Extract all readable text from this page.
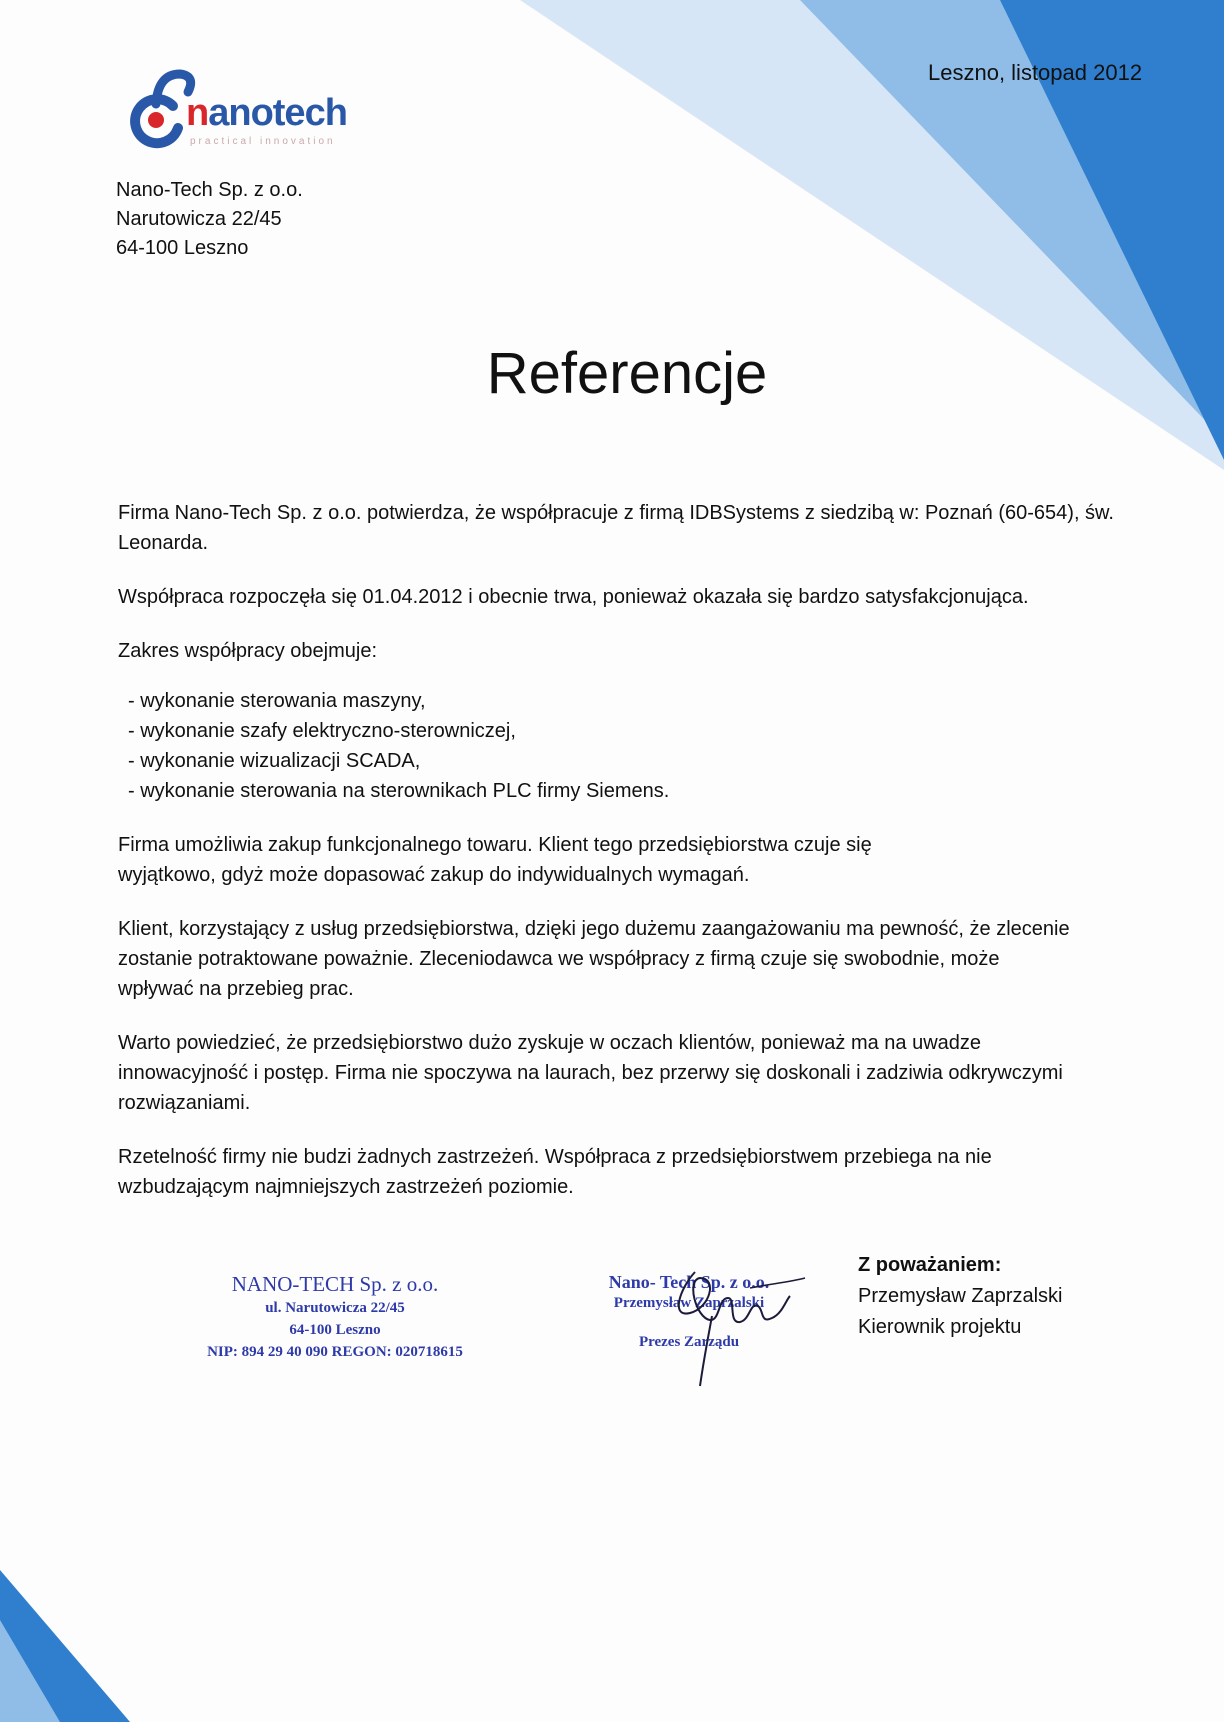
nanotech
practical innovation
Leszno, listopad 2012
Nano-Tech Sp. z o.o.
Narutowicza 22/45
64-100 Leszno
Referencje

Firma Nano-Tech Sp. z o.o. potwierdza, że współpracuje z firmą IDBSystems z siedzibą w: Poznań (60-654), św. Leonarda.

Współpraca rozpoczęła się 01.04.2012 i obecnie trwa, ponieważ okazała się bardzo satysfakcjonująca.

Zakres współpracy obejmuje:

- wykonanie sterowania maszyny,
- wykonanie szafy elektryczno-sterowniczej,
- wykonanie wizualizacji SCADA,
- wykonanie sterowania na sterownikach PLC firmy Siemens.

Firma umożliwia zakup funkcjonalnego towaru. Klient tego przedsiębiorstwa czuje się wyjątkowo, gdyż może dopasować zakup do indywidualnych wymagań.

Klient, korzystający z usług przedsiębiorstwa, dzięki jego dużemu zaangażowaniu ma pewność, że zlecenie zostanie potraktowane poważnie. Zleceniodawca we współpracy z firmą czuje się swobodnie, może wpływać na przebieg prac.

Warto powiedzieć, że przedsiębiorstwo dużo zyskuje w oczach klientów, ponieważ ma na uwadze innowacyjność i postęp. Firma nie spoczywa na laurach, bez przerwy się doskonali i zadziwia odkrywczymi rozwiązaniami.

Rzetelność firmy nie budzi żadnych zastrzeżeń. Współpraca z przedsiębiorstwem przebiega na nie wzbudzającym najmniejszych zastrzeżeń poziomie.

NANO-TECH Sp. z o.o.
ul. Narutowicza 22/45
64-100 Leszno
NIP: 894 29 40 090 REGON: 020718615
Nano- Tech Sp. z o.o.
Przemysław Zaprzalski
Prezes Zarządu
Z poważaniem:
Przemysław Zaprzalski
Kierownik projektu
